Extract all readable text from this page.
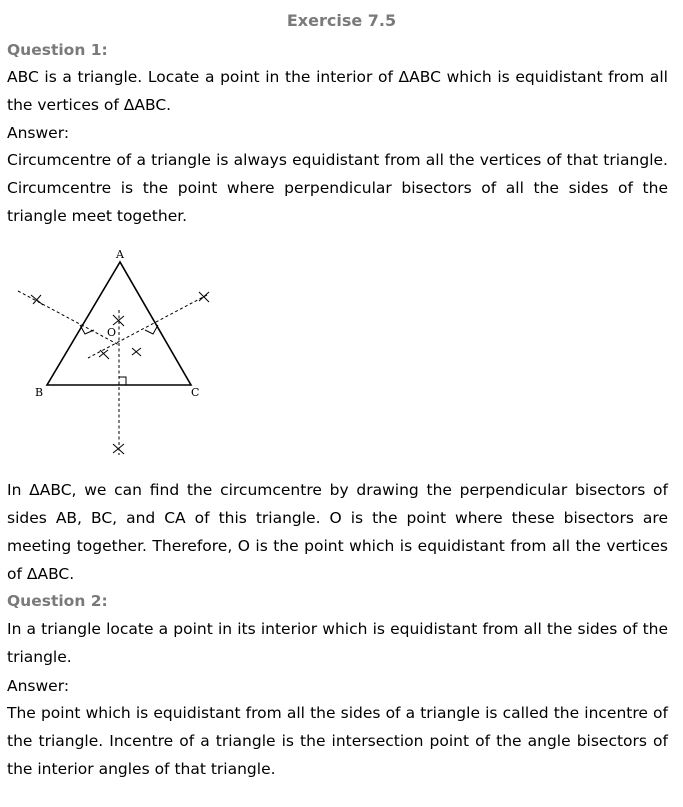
Exercise 7.5
Question 1:
ABC is a triangle. Locate a point in the interior of ΔABC which is equidistant from all the vertices of ΔABC.
Answer:
Circumcentre of a triangle is always equidistant from all the vertices of that triangle. Circumcentre is the point where perpendicular bisectors of all the sides of the triangle meet together.
A
B	C
O
In ΔABC, we can find the circumcentre by drawing the perpendicular bisectors of sides AB, BC, and CA of this triangle. O is the point where these bisectors are meeting together. Therefore, O is the point which is equidistant from all the vertices of ΔABC.
Question 2:
In a triangle locate a point in its interior which is equidistant from all the sides of the triangle.
Answer:
The point which is equidistant from all the sides of a triangle is called the incentre of the triangle. Incentre of a triangle is the intersection point of the angle bisectors of the interior angles of that triangle.
